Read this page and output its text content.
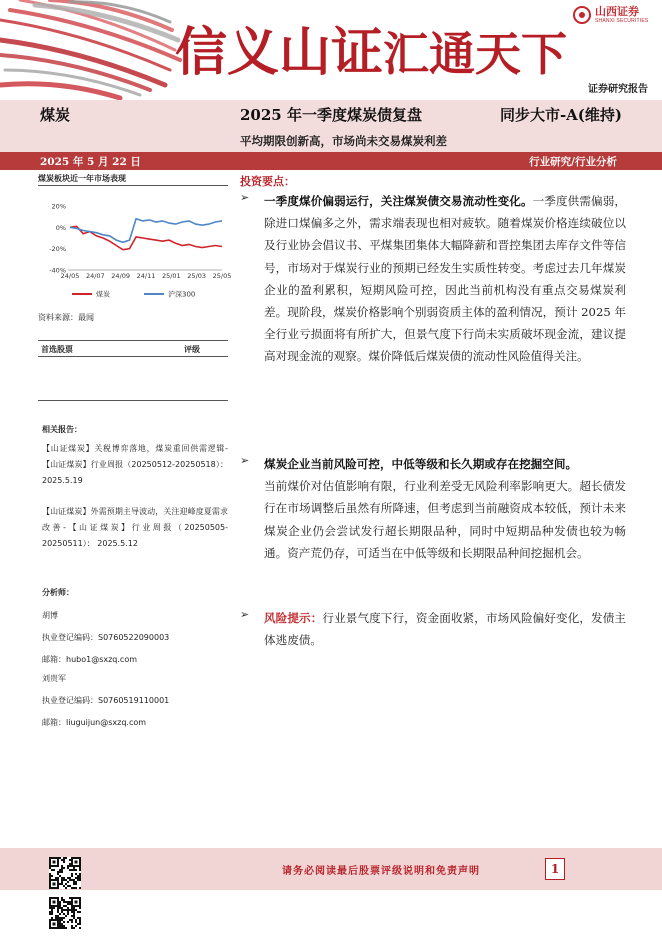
信义山证汇通天下
山西证券
SHANXI SECURITIES
证券研究报告
煤炭	2025 年一季度煤炭债复盘	同步大市-A(维持)
平均期限创新高，市场尚未交易煤炭利差
2025 年 5 月 22 日	行业研究/行业分析
煤炭板块近一年市场表现
20%
0%
-20%
-40%
24/05 24/07 24/09 24/11 25/01 25/03 25/05
煤炭	沪深300
资料来源：最闻
首选股票	评级
相关报告：
【山证煤炭】关税博弈落地，煤炭重回供需逻辑-【山证煤炭】行业周报（20250512-20250518）： 2025.5.19
【山证煤炭】外需预期主导波动，关注迎峰度夏需求改善-【山证煤炭】行业周报（20250505-20250511）： 2025.5.12
分析师：
胡博
执业登记编码：S0760522090003
邮箱：hubo1@sxzq.com
刘贵军
执业登记编码：S0760519110001
邮箱：liuguijun@sxzq.com
投资要点：
➢ 一季度煤价偏弱运行，关注煤炭债交易流动性变化。一季度供需偏弱，除进口煤偏多之外，需求端表现也相对疲软。随着煤炭价格连续破位以及行业协会倡议书、平煤集团集体大幅降薪和晋控集团去库存文件等信号，市场对于煤炭行业的预期已经发生实质性转变。考虑过去几年煤炭企业的盈利累积，短期风险可控，因此当前机构没有重点交易煤炭利差。现阶段，煤炭价格影响个别弱资质主体的盈利情况，预计 2025 年全行业亏损面将有所扩大，但景气度下行尚未实质破坏现金流，建议提高对现金流的观察。煤价降低后煤炭债的流动性风险值得关注。
➢ 煤炭企业当前风险可控，中低等级和长久期或存在挖掘空间。
当前煤价对估值影响有限，行业利差受无风险利率影响更大。超长债发行在市场调整后虽然有所降速，但考虑到当前融资成本较低，预计未来煤炭企业仍会尝试发行超长期限品种，同时中短期品种发债也较为畅通。资产荒仍存，可适当在中低等级和长期限品种间挖掘机会。
➢ 风险提示：行业景气度下行，资金面收紧，市场风险偏好变化，发债主体逃废债。
请务必阅读最后股票评级说明和免责声明	1
